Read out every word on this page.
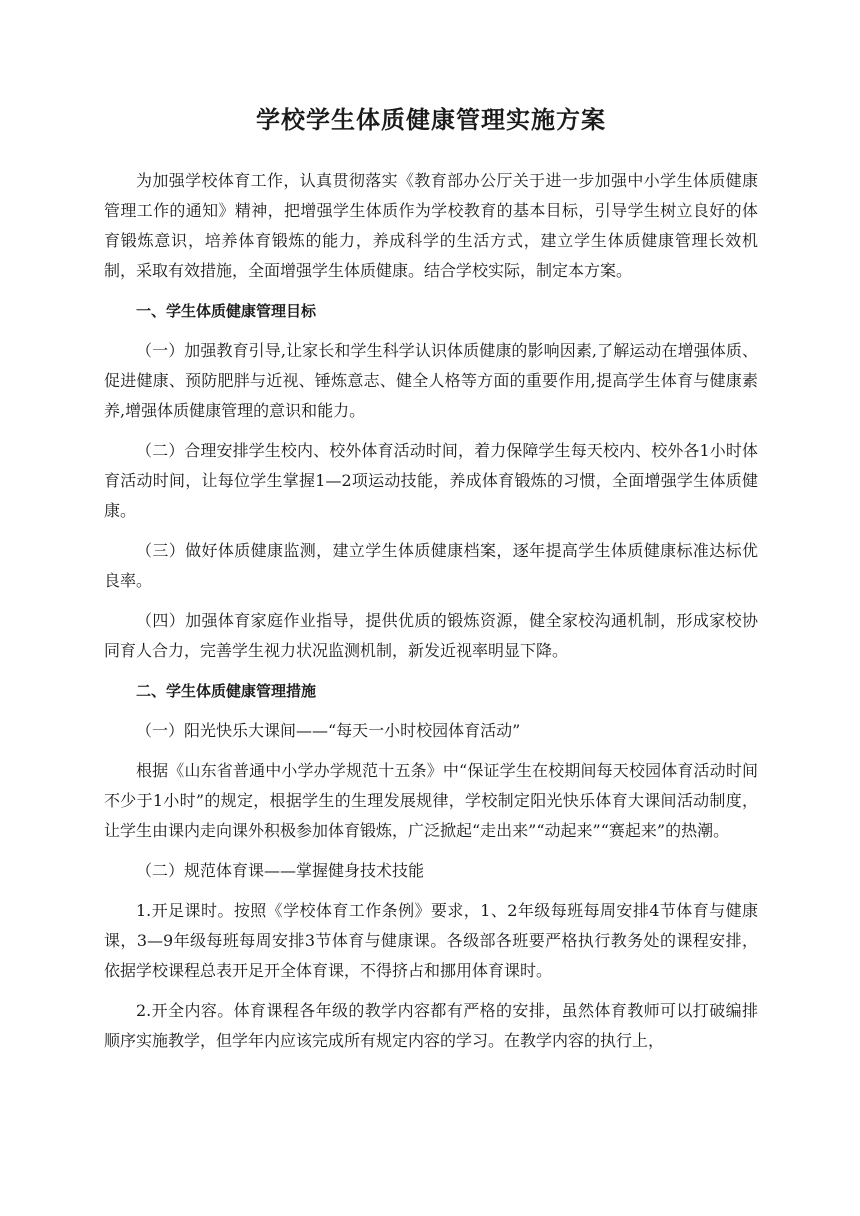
学校学生体质健康管理实施方案

为加强学校体育工作，认真贯彻落实《教育部办公厅关于进一步加强中小学生体质健康管理工作的通知》精神，把增强学生体质作为学校教育的基本目标，引导学生树立良好的体育锻炼意识，培养体育锻炼的能力，养成科学的生活方式，建立学生体质健康管理长效机制，采取有效措施，全面增强学生体质健康。结合学校实际，制定本方案。

一、学生体质健康管理目标

（一）加强教育引导,让家长和学生科学认识体质健康的影响因素,了解运动在增强体质、促进健康、预防肥胖与近视、锤炼意志、健全人格等方面的重要作用,提高学生体育与健康素养,增强体质健康管理的意识和能力。

（二）合理安排学生校内、校外体育活动时间，着力保障学生每天校内、校外各1小时体育活动时间，让每位学生掌握1—2项运动技能，养成体育锻炼的习惯，全面增强学生体质健康。

（三）做好体质健康监测，建立学生体质健康档案，逐年提高学生体质健康标准达标优良率。

（四）加强体育家庭作业指导，提供优质的锻炼资源，健全家校沟通机制，形成家校协同育人合力，完善学生视力状况监测机制，新发近视率明显下降。

二、学生体质健康管理措施

（一）阳光快乐大课间——“每天一小时校园体育活动”

根据《山东省普通中小学办学规范十五条》中“保证学生在校期间每天校园体育活动时间不少于1小时”的规定，根据学生的生理发展规律，学校制定阳光快乐体育大课间活动制度，让学生由课内走向课外积极参加体育锻炼，广泛掀起“走出来”“动起来”“赛起来”的热潮。

（二）规范体育课——掌握健身技术技能

1.开足课时。按照《学校体育工作条例》要求，1、2年级每班每周安排4节体育与健康课，3—9年级每班每周安排3节体育与健康课。各级部各班要严格执行教务处的课程安排，依据学校课程总表开足开全体育课，不得挤占和挪用体育课时。

2.开全内容。体育课程各年级的教学内容都有严格的安排，虽然体育教师可以打破编排顺序实施教学，但学年内应该完成所有规定内容的学习。在教学内容的执行上，
